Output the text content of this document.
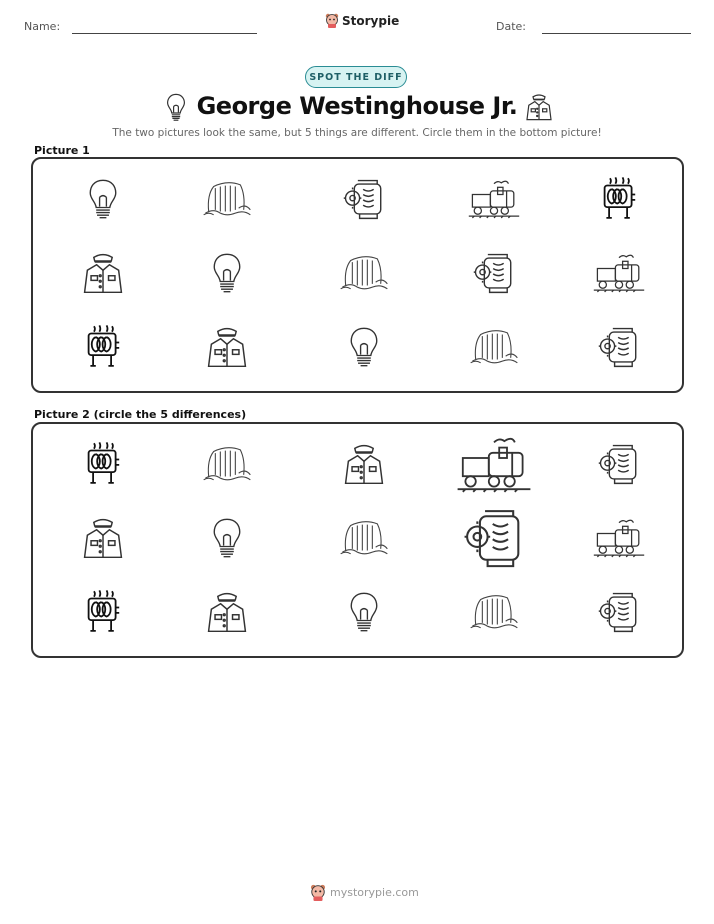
Name:	Storypie	Date:
SPOT THE DIFF
George Westinghouse Jr.
The two pictures look the same, but 5 things are different. Circle them in the bottom picture!
Picture 1
Picture 2 (circle the 5 differences)
mystorypie.com
